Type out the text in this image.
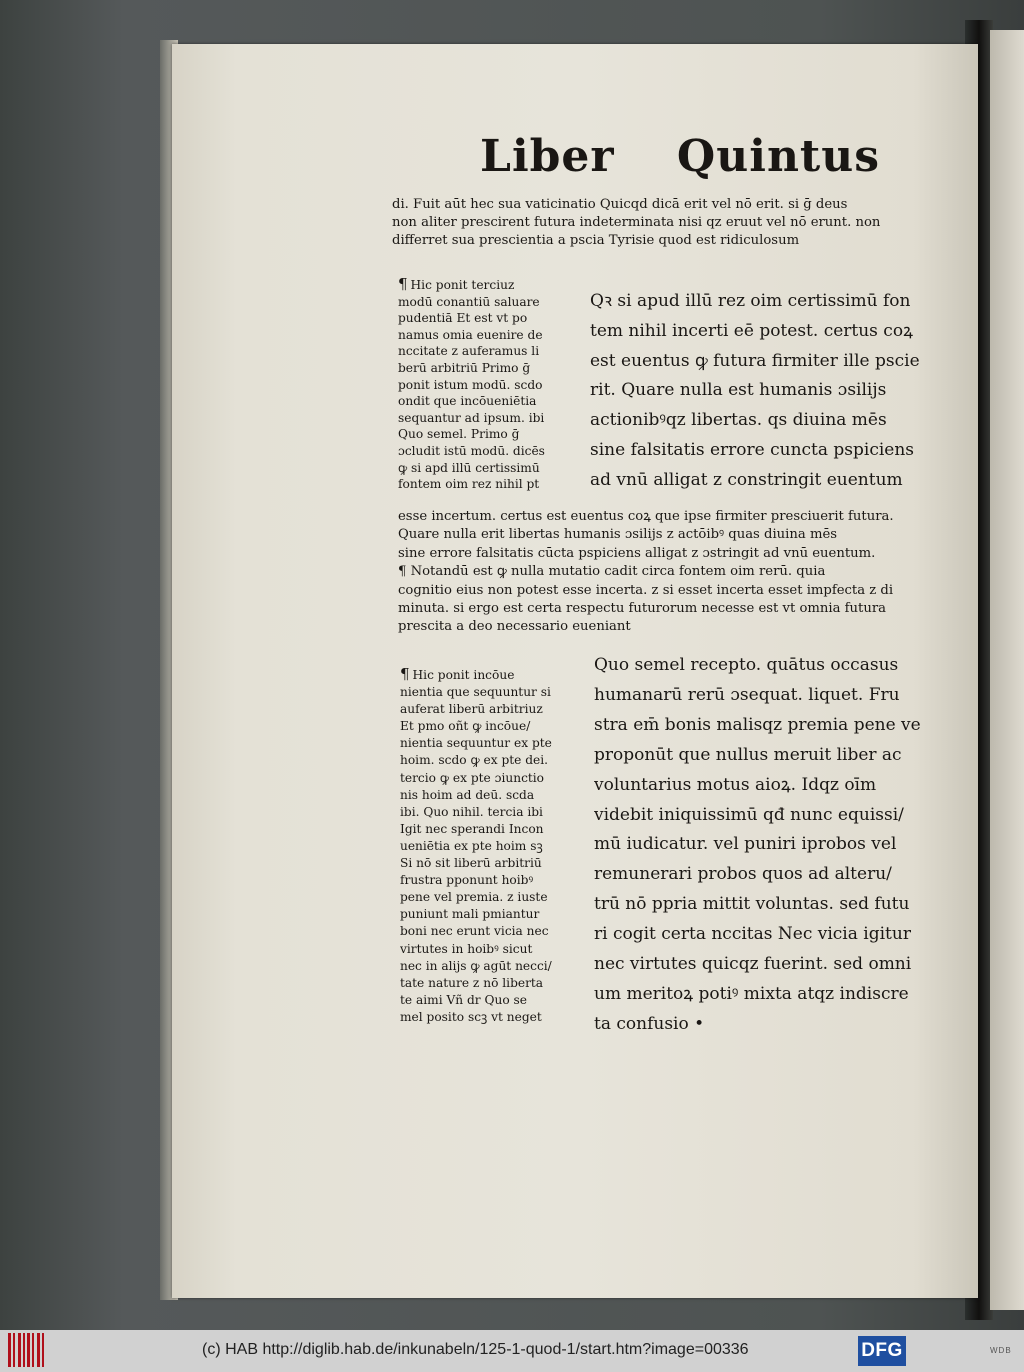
Liber Quintus
di. Fuit aūt hec sua vaticinatio Quicqd dicā erit vel nō erit. si ḡ deus
non aliter prescirent futura indeterminata nisi qz eruut vel nō erunt. non
differret sua prescientia a pscia Tyrisie quod est ridiculosum
¶ Hic ponit terciuz
modū conantiū saluare
pudentiā Et est vt po
namus omia euenire de
nccitate z auferamus li
berū arbitriū Primo ḡ
ponit istum modū. scdo
ondit que incōueniētia
sequantur ad ipsum. ibi
Quo semel. Primo ḡ
ɔcludit istū modū. dicēs
ꝙ si apd illū certissimū
fontem oim rez nihil pt
Qꝛ si apud illū rez oim certissimū fon
tem nihil incerti eē potest. certus coꝝ
est euentus ꝙ futura firmiter ille pscie
rit. Quare nulla est humanis ɔsilijs
actionibꝰqz libertas. qs diuina mēs
sine falsitatis errore cuncta pspiciens
ad vnū alligat z constringit euentum
esse incertum. certus est euentus coꝝ que ipse firmiter presciuerit futura.
Quare nulla erit libertas humanis ɔsilijs z actōibꝰ quas diuina mēs
sine errore falsitatis cūcta pspiciens alligat z ɔstringit ad vnū euentum.
¶ Notandū est ꝙ nulla mutatio cadit circa fontem oim rerū. quia
cognitio eius non potest esse incerta. z si esset incerta esset impfecta z di
minuta. si ergo est certa respectu futurorum necesse est vt omnia futura
prescita a deo necessario eueniant
¶ Hic ponit incōue
nientia que sequuntur si
auferat liberū arbitriuz
Et pmo oñt ꝙ incōue/
nientia sequuntur ex pte
hoim. scdo ꝙ ex pte dei.
tercio ꝙ ex pte ɔiunctio
nis hoim ad deū. scda
ibi. Quo nihil. tercia ibi
Igit nec sperandi Incon
ueniētia ex pte hoim sꝫ
Si nō sit liberū arbitriū
frustra pponunt hoibꝰ
pene vel premia. z iuste
puniunt mali pmiantur
boni nec erunt vicia nec
virtutes in hoibꝰ sicut
nec in alijs ꝙ agūt necci/
tate nature z nō liberta
te aimi Vñ dr Quo se
mel posito scꝫ vt neget
Quo semel recepto. quātus occasus
humanarū rerū ɔsequat. liquet. Fru
stra em̄ bonis malisqz premia pene ve
proponūt que nullus meruit liber ac
voluntarius motus aioꝝ. Idqz oīm
videbit iniquissimū qđ nunc equissi/
mū iudicatur. vel puniri iprobos vel
remunerari probos quos ad alteru/
trū nō ppria mittit voluntas. sed futu
ri cogit certa nccitas Nec vicia igitur
nec virtutes quicqz fuerint. sed omni
um meritoꝝ potiꝰ mixta atqz indiscre
ta confusio •
(c) HAB http://diglib.hab.de/inkunabeln/125-1-quod-1/start.htm?image=00336	DFG	WDB
